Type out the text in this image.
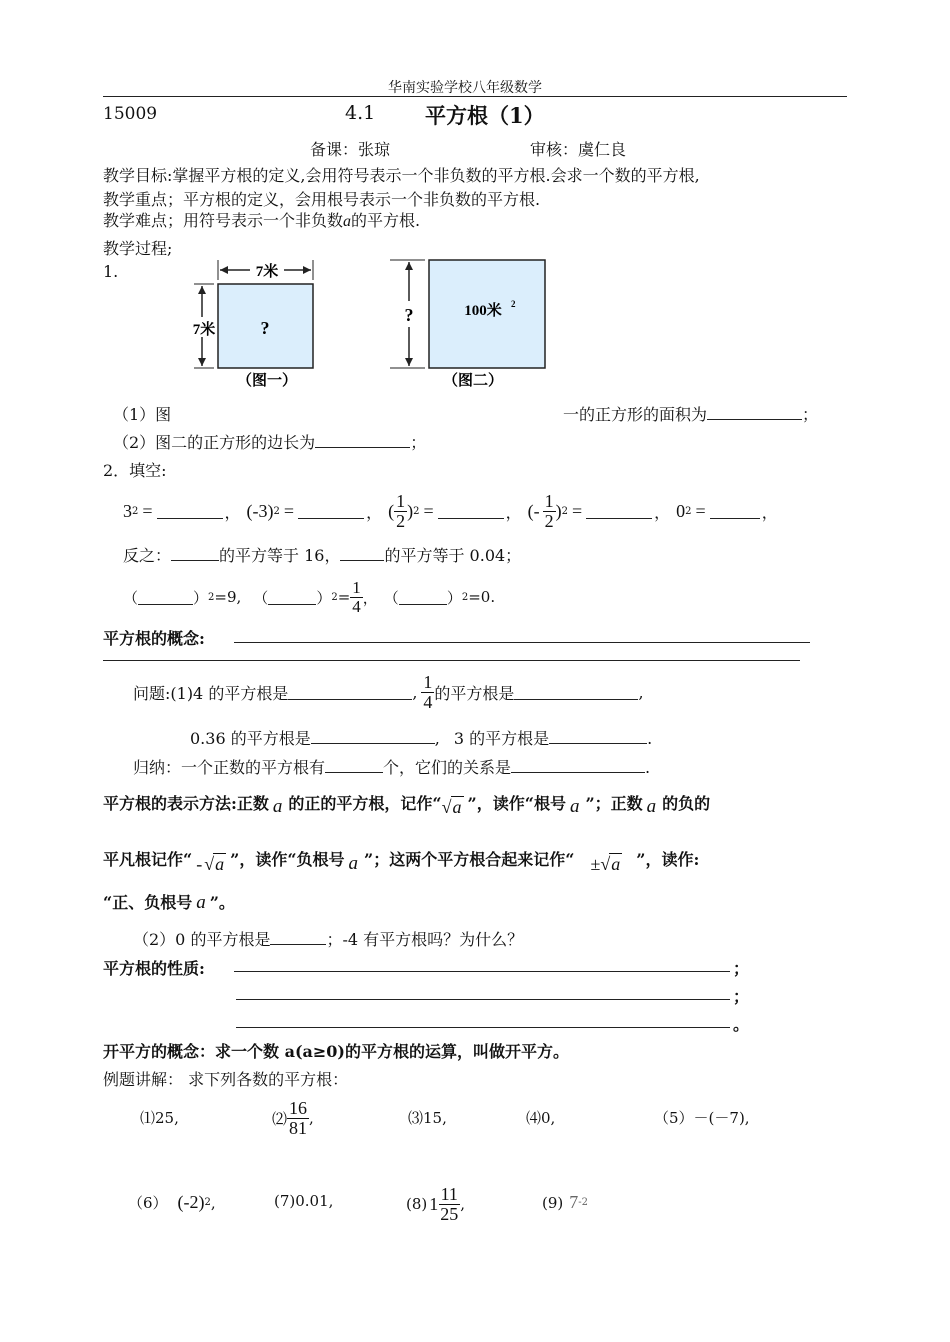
华南实验学校八年级数学
15009	4.1 平方根（1）
备课：张琼	审核：虞仁良
教学目标:掌握平方根的定义,会用符号表示一个非负数的平方根.会求一个数的平方根,
教学重点；平方根的定义，会用根号表示一个非负数的平方根.
教学难点；用符号表示一个非负数a的平方根.
教学过程;
1.	7米
7米	?
（图一）
?	100米 2
（图二）
（1）图	一的正方形的面积为	；
（2）图二的正方形的边长为	；
2．填空:
3 2 =	， (-3) 2 =	， ( $\frac{1}{2}$ ) 2 =	， ( - $\frac{1}{2}$ ) 2 =	， 0 2 =	，
反之：	的平方等于 16，	的平方等于 0.04；
（	） 2 =9, （	） $2 = \frac{1}{4}$ ， （	） 2 =0.
平方根的概念:
问题:(1)4 的平方根是	, $\frac{1}{4}$ 的平方根是	,
0.36 的平方根是	, 3 的平方根是	.
归纳：一个正数的平方根有	个，它们的关系是	.
平方根的表示方法:正数 a 的正的平方根，记作“ √a ”，读作“根号 a ”；正数 a 的负的
平凡根记作“ - √a ”，读作“负根号 a ”；这两个平方根合起来记作“ ± √a ”，读作:
“正、负根号 a ”。
（2）0 的平方根是	；-4 有平方根吗？为什么？
平方根的性质:	；
；
。
开平方的概念：求一个数 a(a≥0)的平方根的运算，叫做开平方。
例题讲解： 求下列各数的平方根：
⑴25,	⑵ $\frac{16}{81}$ ,	⑶15,	⑷0,	（5）－(－7),
（6） (-2) 2 ,	(7)0.01,	(8) $1 \frac{11}{25}$ ,	(9) 7 -2
